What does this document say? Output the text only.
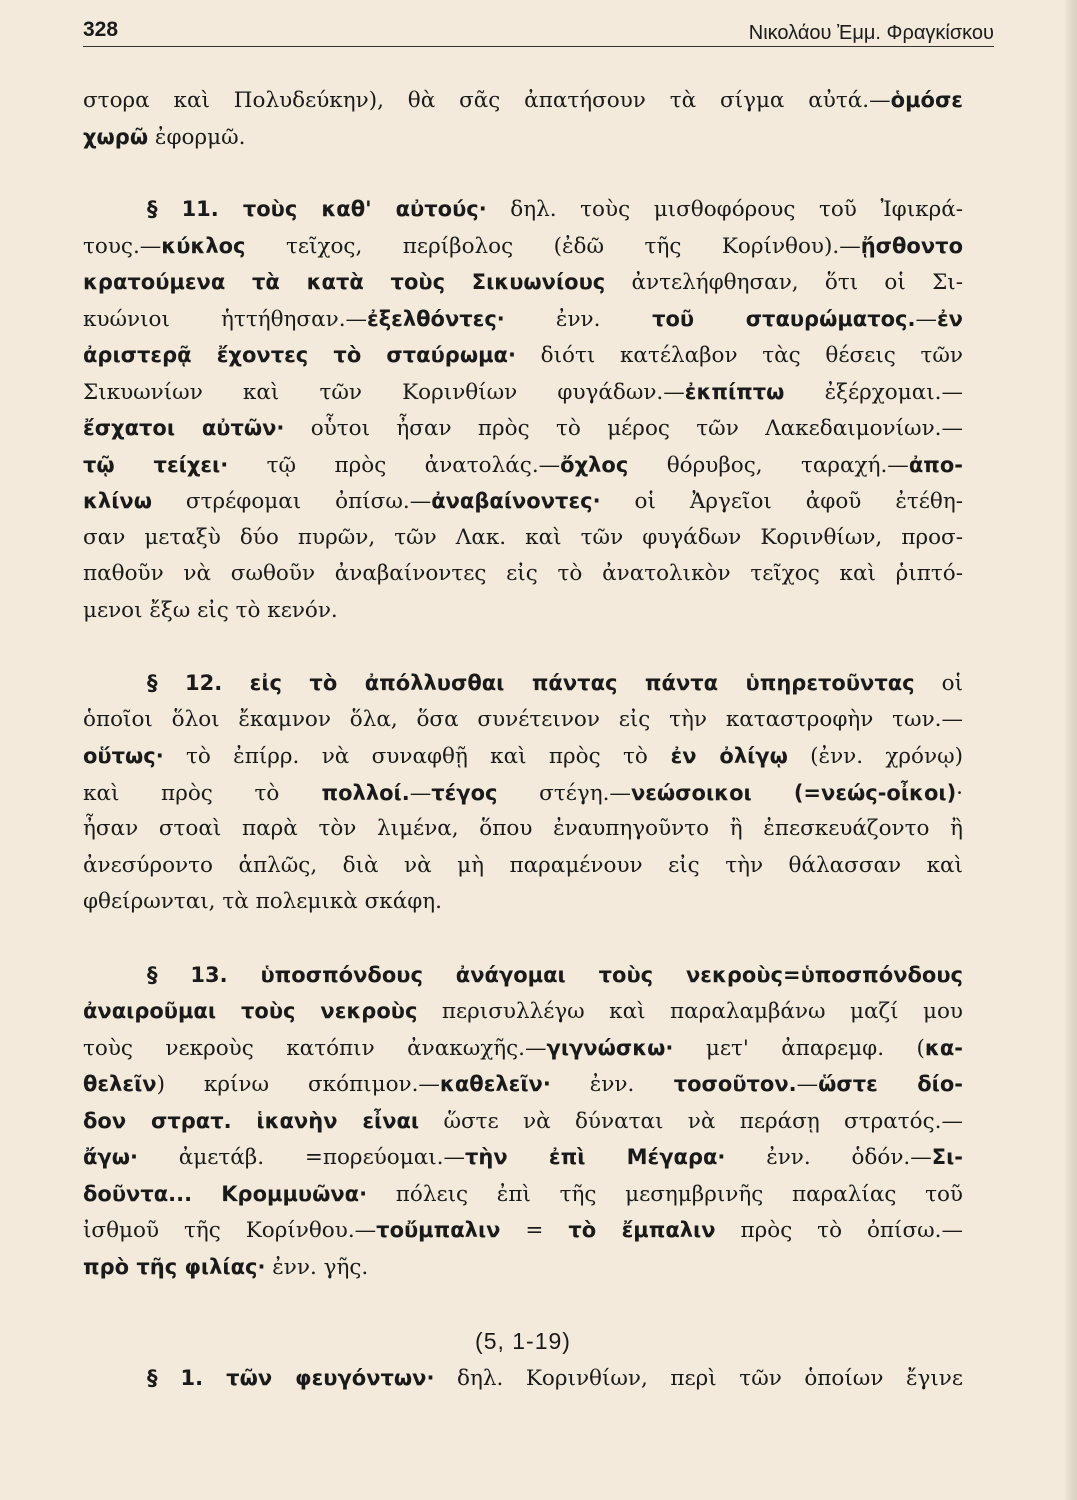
328	Νικολάου Ἐμμ. Φραγκίσκου
στορα καὶ Πολυδεύκην), θὰ σᾶς ἀπατήσουν τὰ σίγμα αὐτά.—ὁμόσε
χωρῶ ἐφορμῶ.
§ 11. τοὺς καθ' αὐτούς· δηλ. τοὺς μισθοφόρους τοῦ Ἰφικρά-
τους.—κύκλος τεῖχος, περίβολος (ἐδῶ τῆς Κορίνθου).—ᾔσθοντο
κρατούμενα τὰ κατὰ τοὺς Σικυωνίους ἀντελήφθησαν, ὅτι οἱ Σι-
κυώνιοι ἡττήθησαν.—ἐξελθόντες· ἐνν. τοῦ σταυρώματος.—ἐν
ἀριστερᾷ ἔχοντες τὸ σταύρωμα· διότι κατέλαβον τὰς θέσεις τῶν
Σικυωνίων καὶ τῶν Κορινθίων φυγάδων.—ἐκπίπτω ἐξέρχομαι.—
ἔσχατοι αὐτῶν· οὗτοι ἦσαν πρὸς τὸ μέρος τῶν Λακεδαιμονίων.—
τῷ τείχει· τῷ πρὸς ἀνατολάς.—ὄχλος θόρυβος, ταραχή.—ἀπο-
κλίνω στρέφομαι ὀπίσω.—ἀναβαίνοντες· οἱ Ἀργεῖοι ἀφοῦ ἐτέθη-
σαν μεταξὺ δύο πυρῶν, τῶν Λακ. καὶ τῶν φυγάδων Κορινθίων, προσ-
παθοῦν νὰ σωθοῦν ἀναβαίνοντες εἰς τὸ ἀνατολικὸν τεῖχος καὶ ῥιπτό-
μενοι ἔξω εἰς τὸ κενόν.
§ 12. εἰς τὸ ἀπόλλυσθαι πάντας πάντα ὑπηρετοῦντας οἱ
ὁποῖοι ὅλοι ἔκαμνον ὅλα, ὅσα συνέτεινον εἰς τὴν καταστροφὴν των.—
οὕτως· τὸ ἐπίρρ. νὰ συναφθῇ καὶ πρὸς τὸ ἐν ὀλίγῳ (ἐνν. χρόνῳ)
καὶ πρὸς τὸ πολλοί.—τέγος στέγη.—νεώσοικοι (=νεώς-οἶκοι)·
ἦσαν στοαὶ παρὰ τὸν λιμένα, ὅπου ἐναυπηγοῦντο ἢ ἐπεσκευάζοντο ἢ
ἀνεσύροντο ἁπλῶς, διὰ νὰ μὴ παραμένουν εἰς τὴν θάλασσαν καὶ
φθείρωνται, τὰ πολεμικὰ σκάφη.
§ 13. ὑποσπόνδους ἀνάγομαι τοὺς νεκροὺς=ὑποσπόνδους
ἀναιροῦμαι τοὺς νεκροὺς περισυλλέγω καὶ παραλαμβάνω μαζί μου
τοὺς νεκροὺς κατόπιν ἀνακωχῆς.—γιγνώσκω· μετ' ἀπαρεμφ. (κα-
θελεῖν) κρίνω σκόπιμον.—καθελεῖν· ἐνν. τοσοῦτον.—ὥστε δίο-
δον στρατ. ἱκανὴν εἶναι ὥστε νὰ δύναται νὰ περάσῃ στρατός.—
ἄγω· ἀμετάβ. =πορεύομαι.—τὴν ἐπὶ Μέγαρα· ἐνν. ὁδόν.—Σι-
δοῦντα... Κρομμυῶνα· πόλεις ἐπὶ τῆς μεσημβρινῆς παραλίας τοῦ
ἰσθμοῦ τῆς Κορίνθου.—τοὔμπαλιν = τὸ ἔμπαλιν πρὸς τὸ ὀπίσω.—
πρὸ τῆς φιλίας· ἐνν. γῆς.
(5, 1-19)
§ 1. τῶν φευγόντων· δηλ. Κορινθίων, περὶ τῶν ὁποίων ἔγινε
